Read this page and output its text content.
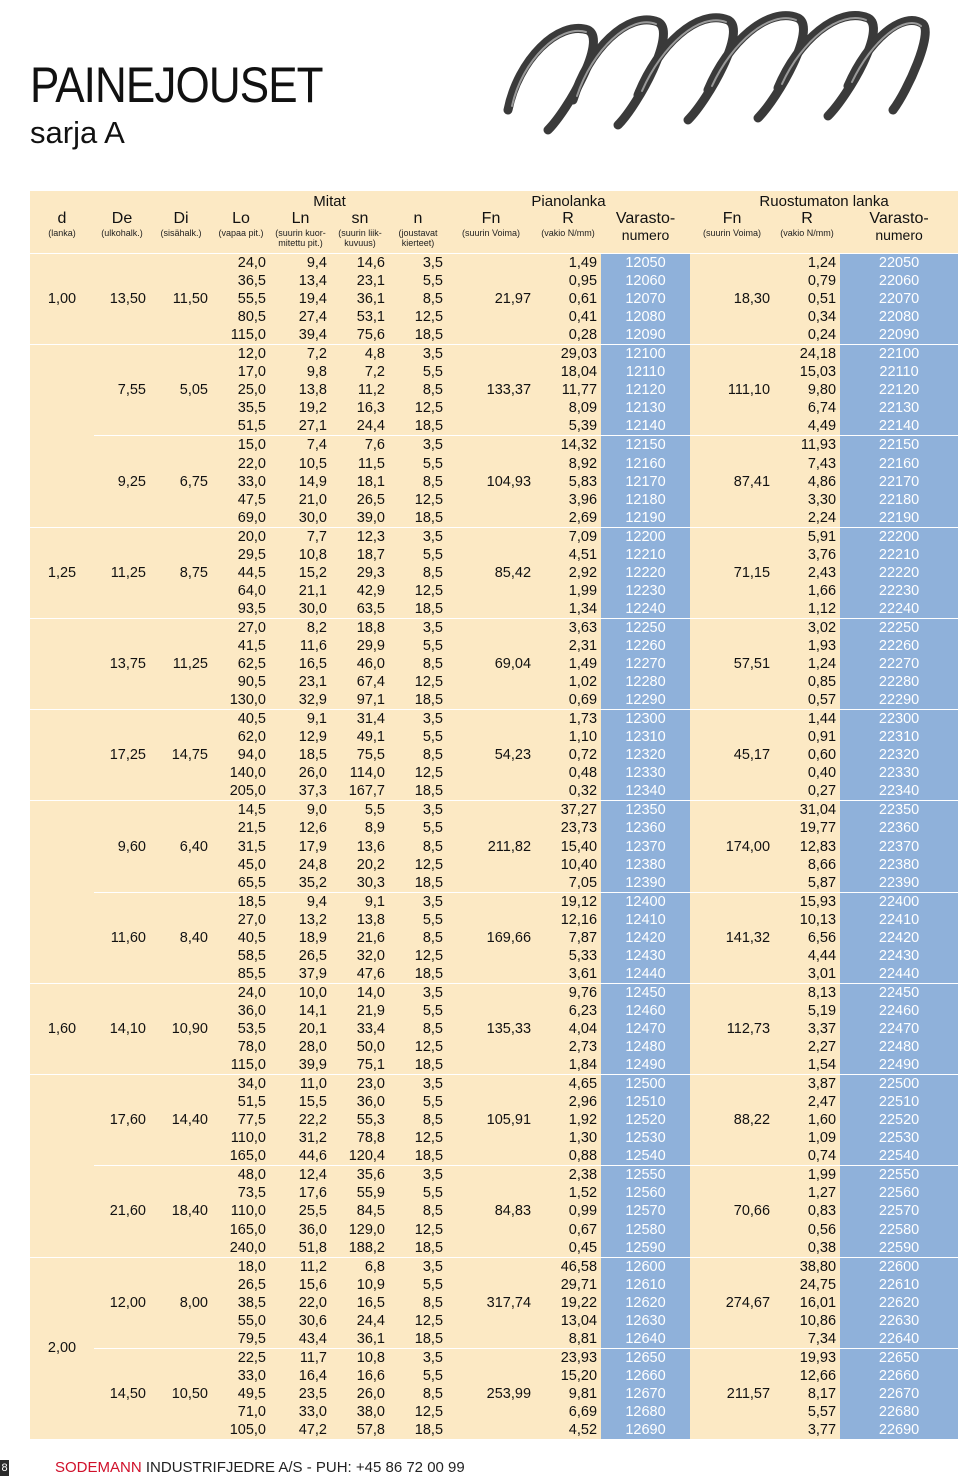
PAINEJOUSET
sarja A
			Mitat				Pianolanka			Ruostumaton lanka		
d	De	Di	Lo	Ln	sn	n	Fn	R	Varasto-	Fn	R	Varasto-
(lanka)	(ulkohalk.)	(sisähalk.)	(vapaa pit.)	(suurin kuor-mitettu pit.)	(suurin liik-kuvuus)	(joustavat kierteet)	(suurin Voima)	(vakio N/mm)	numero	(suurin Voima)	(vakio N/mm)	numero
1,00	13,50	11,50	24,0	9,4	14,6	3,5	21,97	1,49	12050	18,30	1,24	22050
			36,5	13,4	23,1	5,5		0,95	12060		0,79	22060
			55,5	19,4	36,1	8,5		0,61	12070		0,51	22070
			80,5	27,4	53,1	12,5		0,41	12080		0,34	22080
			115,0	39,4	75,6	18,5		0,28	12090		0,24	22090
	7,55	5,05	12,0	7,2	4,8	3,5	133,37	29,03	12100	111,10	24,18	22100
			17,0	9,8	7,2	5,5		18,04	12110		15,03	22110
			25,0	13,8	11,2	8,5		11,77	12120		9,80	22120
			35,5	19,2	16,3	12,5		8,09	12130		6,74	22130
			51,5	27,1	24,4	18,5		5,39	12140		4,49	22140
	9,25	6,75	15,0	7,4	7,6	3,5	104,93	14,32	12150	87,41	11,93	22150
			22,0	10,5	11,5	5,5		8,92	12160		7,43	22160
			33,0	14,9	18,1	8,5		5,83	12170		4,86	22170
			47,5	21,0	26,5	12,5		3,96	12180		3,30	22180
			69,0	30,0	39,0	18,5		2,69	12190		2,24	22190
1,25	11,25	8,75	20,0	7,7	12,3	3,5	85,42	7,09	12200	71,15	5,91	22200
			29,5	10,8	18,7	5,5		4,51	12210		3,76	22210
			44,5	15,2	29,3	8,5		2,92	12220		2,43	22220
			64,0	21,1	42,9	12,5		1,99	12230		1,66	22230
			93,5	30,0	63,5	18,5		1,34	12240		1,12	22240
	13,75	11,25	27,0	8,2	18,8	3,5	69,04	3,63	12250	57,51	3,02	22250
			41,5	11,6	29,9	5,5		2,31	12260		1,93	22260
			62,5	16,5	46,0	8,5		1,49	12270		1,24	22270
			90,5	23,1	67,4	12,5		1,02	12280		0,85	22280
			130,0	32,9	97,1	18,5		0,69	12290		0,57	22290
	17,25	14,75	40,5	9,1	31,4	3,5	54,23	1,73	12300	45,17	1,44	22300
			62,0	12,9	49,1	5,5		1,10	12310		0,91	22310
			94,0	18,5	75,5	8,5		0,72	12320		0,60	22320
			140,0	26,0	114,0	12,5		0,48	12330		0,40	22330
			205,0	37,3	167,7	18,5		0,32	12340		0,27	22340
	9,60	6,40	14,5	9,0	5,5	3,5	211,82	37,27	12350	174,00	31,04	22350
			21,5	12,6	8,9	5,5		23,73	12360		19,77	22360
			31,5	17,9	13,6	8,5		15,40	12370		12,83	22370
			45,0	24,8	20,2	12,5		10,40	12380		8,66	22380
			65,5	35,2	30,3	18,5		7,05	12390		5,87	22390
	11,60	8,40	18,5	9,4	9,1	3,5	169,66	19,12	12400	141,32	15,93	22400
			27,0	13,2	13,8	5,5		12,16	12410		10,13	22410
			40,5	18,9	21,6	8,5		7,87	12420		6,56	22420
			58,5	26,5	32,0	12,5		5,33	12430		4,44	22430
			85,5	37,9	47,6	18,5		3,61	12440		3,01	22440
1,60	14,10	10,90	24,0	10,0	14,0	3,5	135,33	9,76	12450	112,73	8,13	22450
			36,0	14,1	21,9	5,5		6,23	12460		5,19	22460
			53,5	20,1	33,4	8,5		4,04	12470		3,37	22470
			78,0	28,0	50,0	12,5		2,73	12480		2,27	22480
			115,0	39,9	75,1	18,5		1,84	12490		1,54	22490
	17,60	14,40	34,0	11,0	23,0	3,5	105,91	4,65	12500	88,22	3,87	22500
			51,5	15,5	36,0	5,5		2,96	12510		2,47	22510
			77,5	22,2	55,3	8,5		1,92	12520		1,60	22520
			110,0	31,2	78,8	12,5		1,30	12530		1,09	22530
			165,0	44,6	120,4	18,5		0,88	12540		0,74	22540
	21,60	18,40	48,0	12,4	35,6	3,5	84,83	2,38	12550	70,66	1,99	22550
			73,5	17,6	55,9	5,5		1,52	12560		1,27	22560
			110,0	25,5	84,5	8,5		0,99	12570		0,83	22570
			165,0	36,0	129,0	12,5		0,67	12580		0,56	22580
			240,0	51,8	188,2	18,5		0,45	12590		0,38	22590
2,00	12,00	8,00	18,0	11,2	6,8	3,5	317,74	46,58	12600	274,67	38,80	22600
			26,5	15,6	10,9	5,5		29,71	12610		24,75	22610
			38,5	22,0	16,5	8,5		19,22	12620		16,01	22620
			55,0	30,6	24,4	12,5		13,04	12630		10,86	22630
			79,5	43,4	36,1	18,5		8,81	12640		7,34	22640
	14,50	10,50	22,5	11,7	10,8	3,5	253,99	23,93	12650	211,57	19,93	22650
			33,0	16,4	16,6	5,5		15,20	12660		12,66	22660
			49,5	23,5	26,0	8,5		9,81	12670		8,17	22670
			71,0	33,0	38,0	12,5		6,69	12680		5,57	22680
			105,0	47,2	57,8	18,5		4,52	12690		3,77	22690
8	SODEMANN INDUSTRIFJEDRE A/S - PUH: +45 86 72 00 99
